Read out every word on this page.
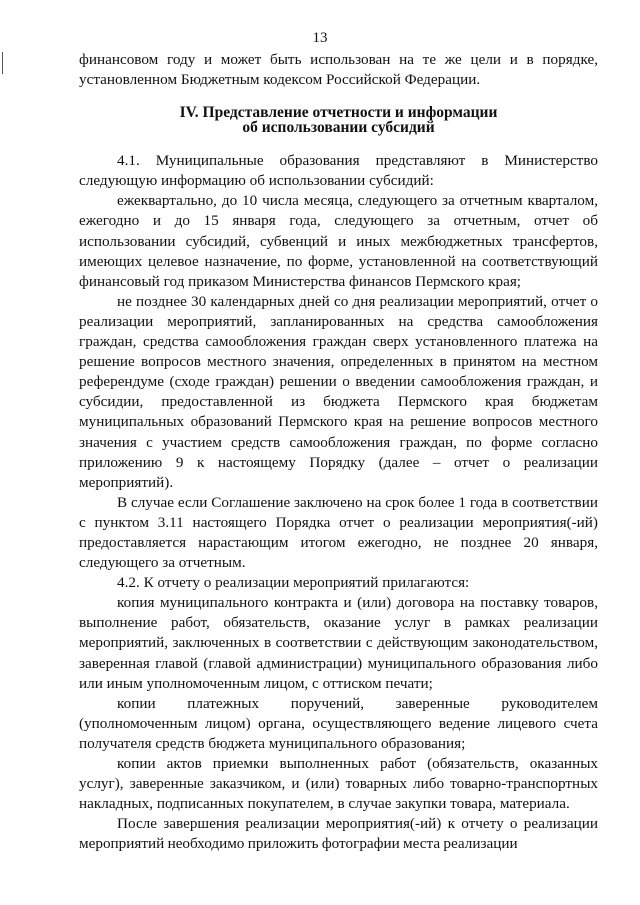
13

финансовом году и может быть использован на те же цели и в порядке, установленном Бюджетным кодексом Российской Федерации.

IV. Представление отчетности и информации
об использовании субсидий

4.1. Муниципальные образования представляют в Министерство следующую информацию об использовании субсидий:

ежеквартально, до 10 числа месяца, следующего за отчетным кварталом, ежегодно и до 15 января года, следующего за отчетным, отчет об использовании субсидий, субвенций и иных межбюджетных трансфертов, имеющих целевое назначение, по форме, установленной на соответствующий финансовый год приказом Министерства финансов Пермского края;

не позднее 30 календарных дней со дня реализации мероприятий, отчет о реализации мероприятий, запланированных на средства самообложения граждан, средства самообложения граждан сверх установленного платежа на решение вопросов местного значения, определенных в принятом на местном референдуме (сходе граждан) решении о введении самообложения граждан, и субсидии, предоставленной из бюджета Пермского края бюджетам муниципальных образований Пермского края на решение вопросов местного значения с участием средств самообложения граждан, по форме согласно приложению 9 к настоящему Порядку (далее – отчет о реализации мероприятий).

В случае если Соглашение заключено на срок более 1 года в соответствии с пунктом 3.11 настоящего Порядка отчет о реализации мероприятия(-ий) предоставляется нарастающим итогом ежегодно, не позднее 20 января, следующего за отчетным.

4.2. К отчету о реализации мероприятий прилагаются:

копия муниципального контракта и (или) договора на поставку товаров, выполнение работ, обязательств, оказание услуг в рамках реализации мероприятий, заключенных в соответствии с действующим законодательством, заверенная главой (главой администрации) муниципального образования либо или иным уполномоченным лицом, с оттиском печати;

копии платежных поручений, заверенные руководителем (уполномоченным лицом) органа, осуществляющего ведение лицевого счета получателя средств бюджета муниципального образования;

копии актов приемки выполненных работ (обязательств, оказанных услуг), заверенные заказчиком, и (или) товарных либо товарно-транспортных накладных, подписанных покупателем, в случае закупки товара, материала.

После завершения реализации мероприятия(-ий) к отчету о реализации мероприятий необходимо приложить фотографии места реализации
